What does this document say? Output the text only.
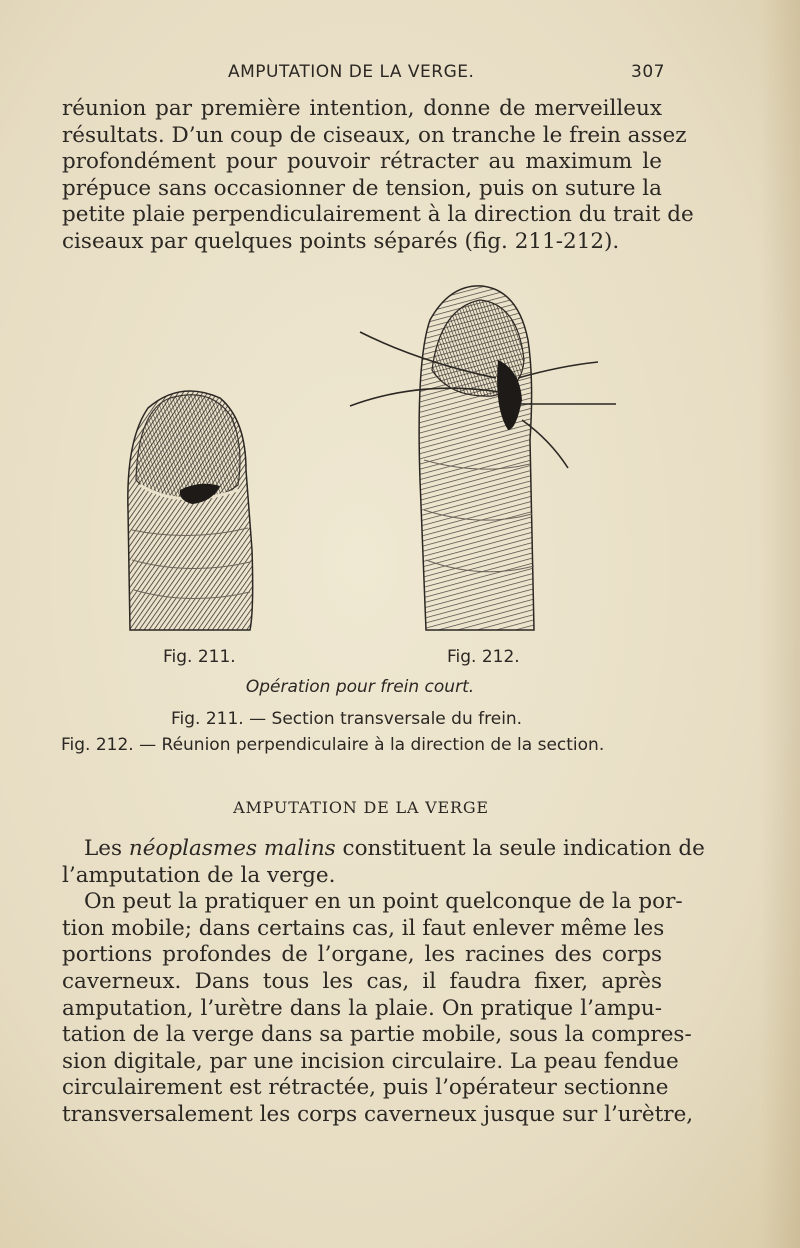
AMPUTATION DE LA VERGE.	307
réunion par première intention, donne de merveilleux
résultats. D’un coup de ciseaux, on tranche le frein assez
profondément pour pouvoir rétracter au maximum le
prépuce sans occasionner de tension, puis on suture la
petite plaie perpendiculairement à la direction du trait de
ciseaux par quelques points séparés (fig. 211-212).
Fig. 211.	Fig. 212.
Opération pour frein court.
Fig. 211. — Section transversale du frein.
Fig. 212. — Réunion perpendiculaire à la direction de la section.
AMPUTATION DE LA VERGE
Les néoplasmes malins constituent la seule indication de
l’amputation de la verge.
On peut la pratiquer en un point quelconque de la por-
tion mobile; dans certains cas, il faut enlever même les
portions profondes de l’organe, les racines des corps
caverneux. Dans tous les cas, il faudra fixer, après
amputation, l’urètre dans la plaie. On pratique l’ampu-
tation de la verge dans sa partie mobile, sous la compres-
sion digitale, par une incision circulaire. La peau fendue
circulairement est rétractée, puis l’opérateur sectionne
transversalement les corps caverneux jusque sur l’urètre,
